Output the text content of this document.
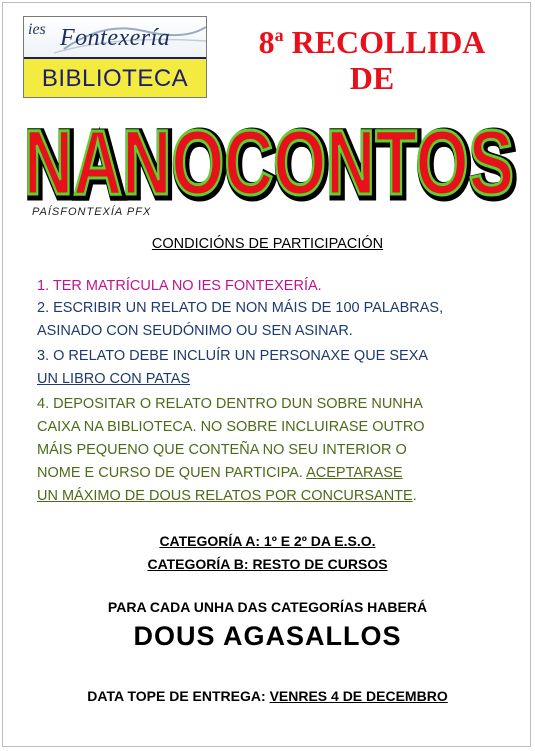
ies Fontexería
BIBLIOTECA
8$^a$ RECOLLIDA
DE
NANOCONTOS
NANOCONTOS
PAÍSFONTEXÍA PFX
CONDICIÓNS DE PARTICIPACIÓN
1. TER MATRÍCULA NO IES FONTEXERÍA.
2. ESCRIBIR UN RELATO DE NON MÁIS DE 100 PALABRAS,
ASINADO CON SEUDÓNIMO OU SEN ASINAR.
3. O RELATO DEBE INCLUÍR UN PERSONAXE QUE SEXA
UN LIBRO CON PATAS
4. DEPOSITAR O RELATO DENTRO DUN SOBRE NUNHA
CAIXA NA BIBLIOTECA. NO SOBRE INCLUIRASE OUTRO
MÁIS PEQUENO QUE CONTEÑA NO SEU INTERIOR O
NOME E CURSO DE QUEN PARTICIPA. ACEPTARASE
UN MÁXIMO DE DOUS RELATOS POR CONCURSANTE.
CATEGORÍA A: 1º E 2º DA E.S.O.
CATEGORÍA B: RESTO DE CURSOS
PARA CADA UNHA DAS CATEGORÍAS HABERÁ
DOUS AGASALLOS
DATA TOPE DE ENTREGA: VENRES 4 DE DECEMBRO
